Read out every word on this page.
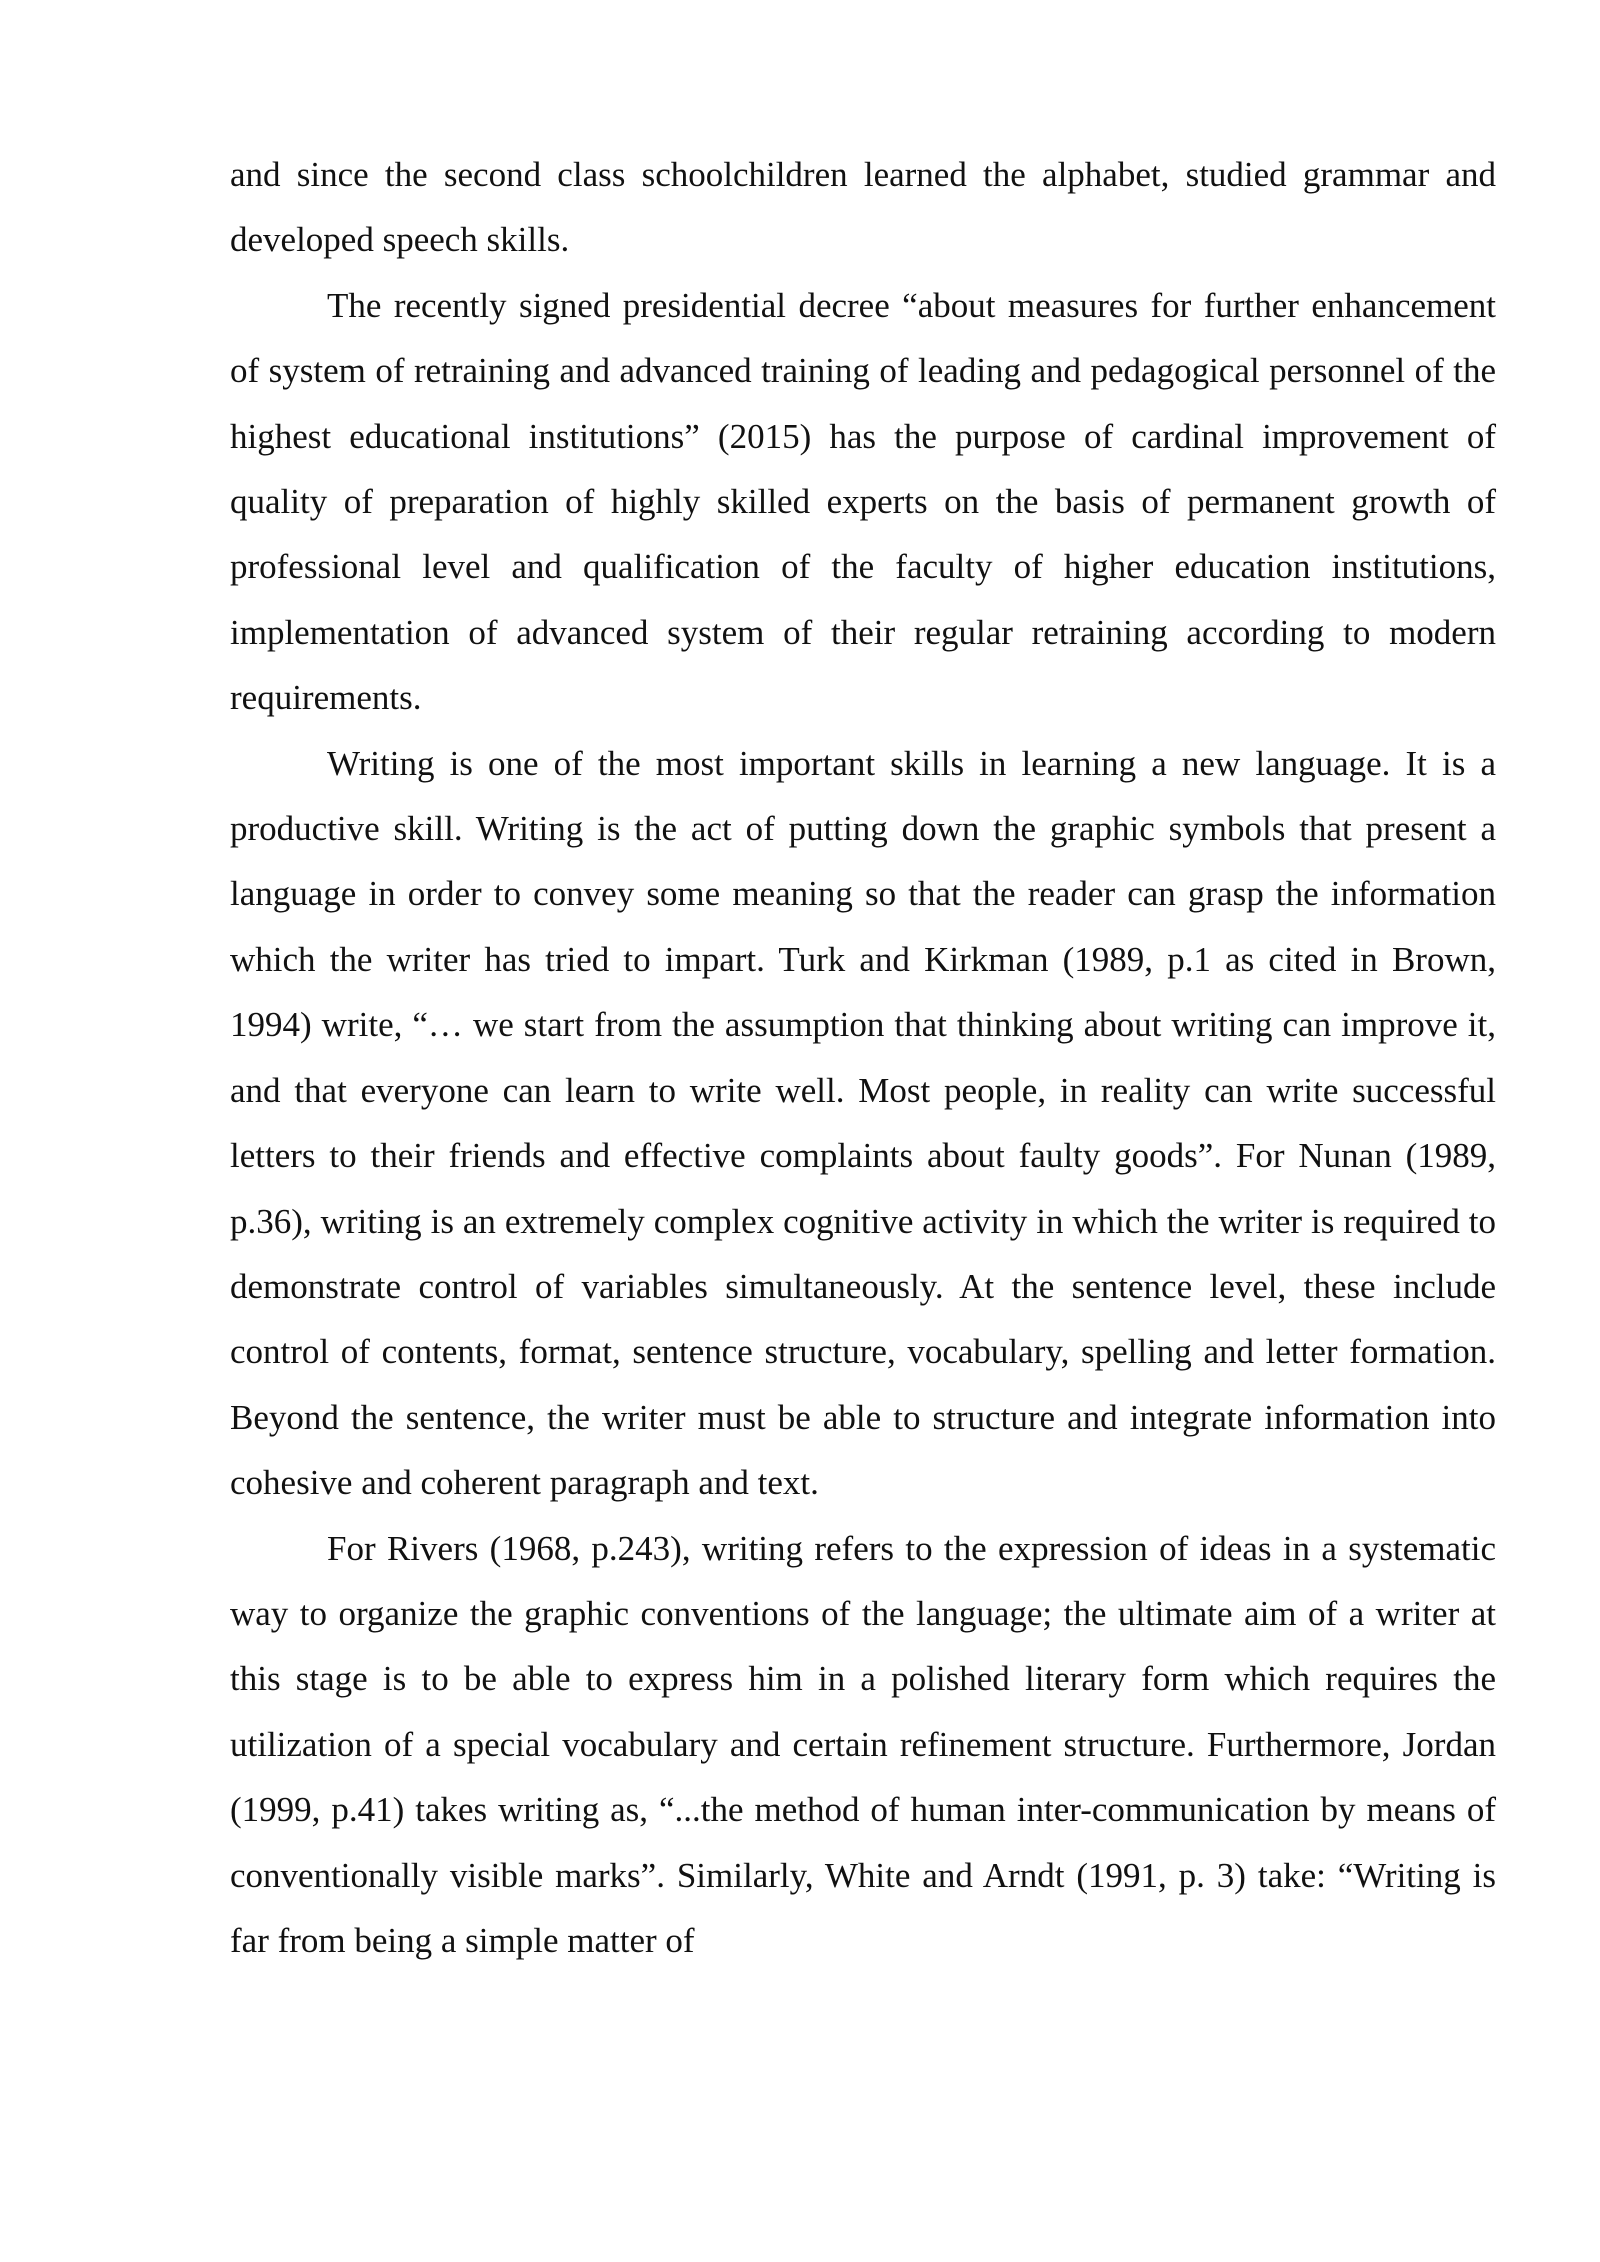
and since the second class schoolchildren learned the alphabet, studied grammar and developed speech skills.

The recently signed presidential decree “about measures for further enhancement of system of retraining and advanced training of leading and pedagogical personnel of the highest educational institutions” (2015) has the purpose of cardinal improvement of quality of preparation of highly skilled experts on the basis of permanent growth of professional level and qualification of the faculty of higher education institutions, implementation of advanced system of their regular retraining according to modern requirements.

Writing is one of the most important skills in learning a new language. It is a productive skill. Writing is the act of putting down the graphic symbols that present a language in order to convey some meaning so that the reader can grasp the information which the writer has tried to impart. Turk and Kirkman (1989, p.1 as cited in Brown, 1994) write, “… we start from the assumption that thinking about writing can improve it, and that everyone can learn to write well. Most people, in reality can write successful letters to their friends and effective complaints about faulty goods”. For Nunan (1989, p.36), writing is an extremely complex cognitive activity in which the writer is required to demonstrate control of variables simultaneously. At the sentence level, these include control of contents, format, sentence structure, vocabulary, spelling and letter formation. Beyond the sentence, the writer must be able to structure and integrate information into cohesive and coherent paragraph and text.

For Rivers (1968, p.243), writing refers to the expression of ideas in a systematic way to organize the graphic conventions of the language; the ultimate aim of a writer at this stage is to be able to express him in a polished literary form which requires the utilization of a special vocabulary and certain refinement structure. Furthermore, Jordan (1999, p.41) takes writing as, “...the method of human inter-communication by means of conventionally visible marks”. Similarly, White and Arndt (1991, p. 3) take: “Writing is far from being a simple matter of
